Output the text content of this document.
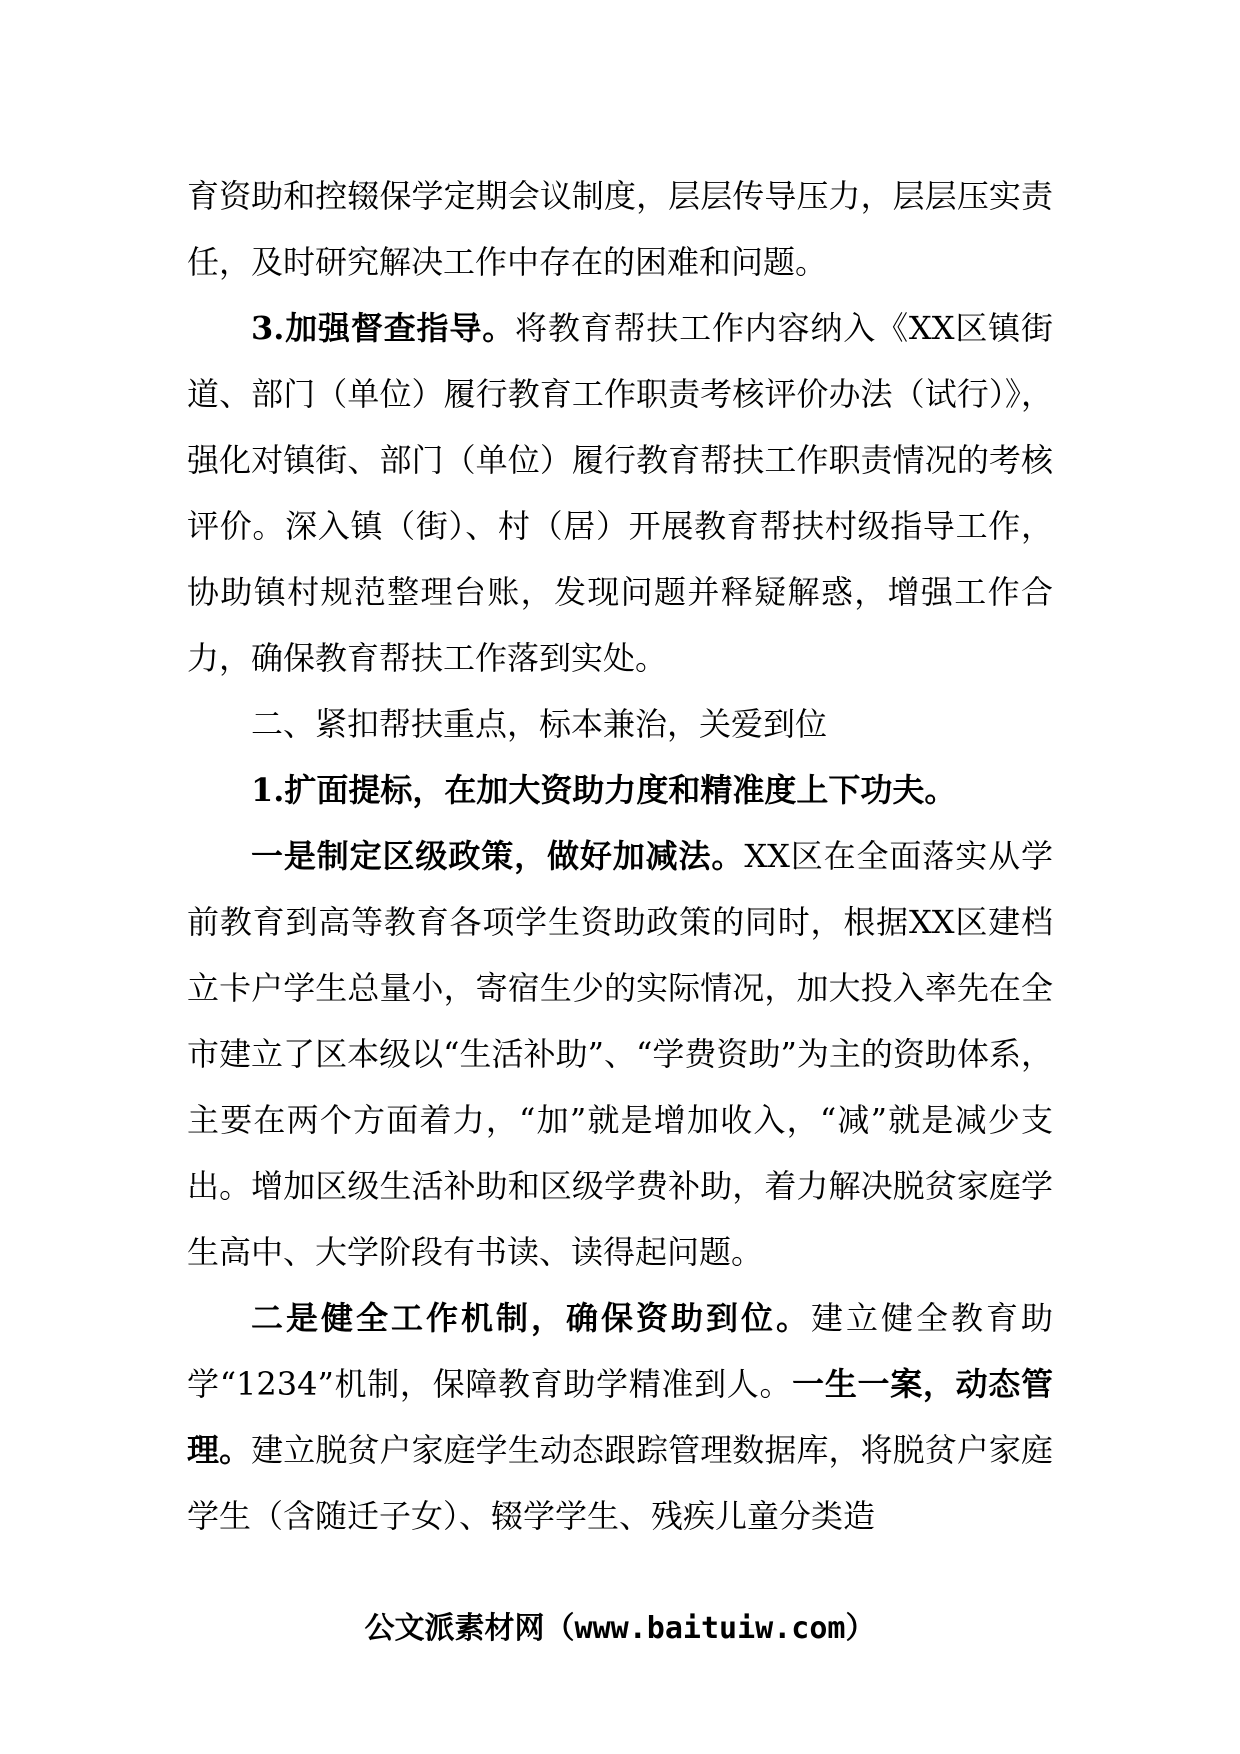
育资助和控辍保学定期会议制度，层层传导压力，层层压实责任，及时研究解决工作中存在的困难和问题。

3.加强督查指导。将教育帮扶工作内容纳入《XX区镇街道、部门（单位）履行教育工作职责考核评价办法（试行）》，强化对镇街、部门（单位）履行教育帮扶工作职责情况的考核评价。深入镇（街）、村（居）开展教育帮扶村级指导工作，协助镇村规范整理台账，发现问题并释疑解惑，增强工作合力，确保教育帮扶工作落到实处。

二、紧扣帮扶重点，标本兼治，关爱到位

1.扩面提标，在加大资助力度和精准度上下功夫。

一是制定区级政策，做好加减法。XX区在全面落实从学前教育到高等教育各项学生资助政策的同时，根据XX区建档立卡户学生总量小，寄宿生少的实际情况，加大投入率先在全市建立了区本级以“生活补助”、“学费资助”为主的资助体系，主要在两个方面着力，“加”就是增加收入，“减”就是减少支出。增加区级生活补助和区级学费补助，着力解决脱贫家庭学生高中、大学阶段有书读、读得起问题。

二是健全工作机制，确保资助到位。建立健全教育助学“1234”机制，保障教育助学精准到人。一生一案，动态管理。建立脱贫户家庭学生动态跟踪管理数据库，将脱贫户家庭学生（含随迁子女）、辍学学生、残疾儿童分类造

公文派素材网（www.baituiw.com）
